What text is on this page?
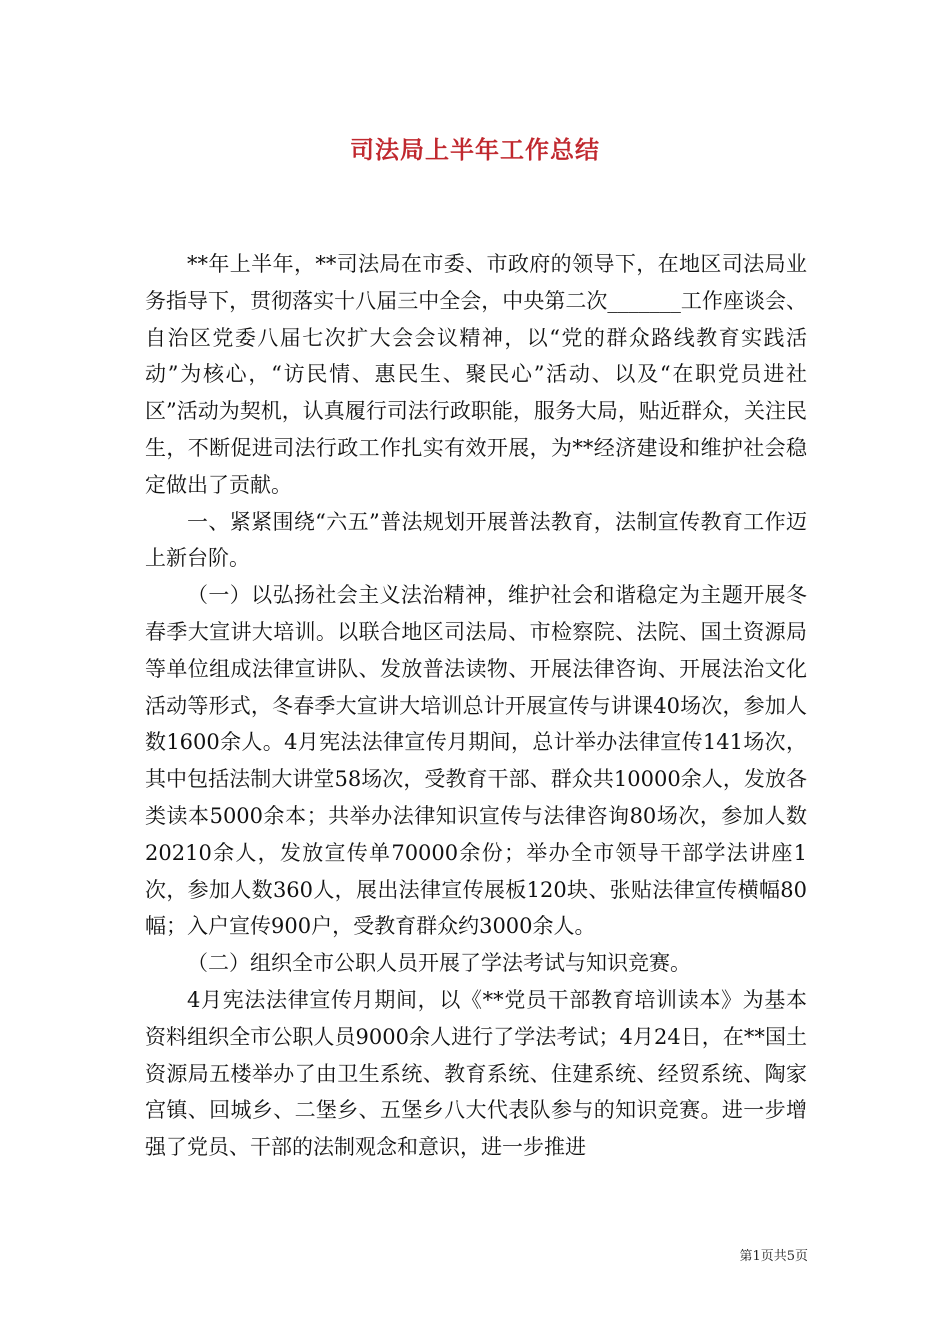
司法局上半年工作总结

**年上半年，**司法局在市委、市政府的领导下，在地区司法局业务指导下，贯彻落实十八届三中全会，中央第二次_______工作座谈会、自治区党委八届七次扩大会会议精神，以“党的群众路线教育实践活动”为核心，“访民情、惠民生、聚民心”活动、以及“在职党员进社区”活动为契机，认真履行司法行政职能，服务大局，贴近群众，关注民生，不断促进司法行政工作扎实有效开展，为**经济建设和维护社会稳定做出了贡献。

一、紧紧围绕“六五”普法规划开展普法教育，法制宣传教育工作迈上新台阶。

（一）以弘扬社会主义法治精神，维护社会和谐稳定为主题开展冬春季大宣讲大培训。以联合地区司法局、市检察院、法院、国土资源局等单位组成法律宣讲队、发放普法读物、开展法律咨询、开展法治文化活动等形式，冬春季大宣讲大培训总计开展宣传与讲课40场次，参加人数1600余人。4月宪法法律宣传月期间，总计举办法律宣传141场次，其中包括法制大讲堂58场次，受教育干部、群众共10000余人，发放各类读本5000余本；共举办法律知识宣传与法律咨询80场次，参加人数20210余人，发放宣传单70000余份；举办全市领导干部学法讲座1次，参加人数360人，展出法律宣传展板120块、张贴法律宣传横幅80幅；入户宣传900户，受教育群众约3000余人。

（二）组织全市公职人员开展了学法考试与知识竞赛。

4月宪法法律宣传月期间，以《**党员干部教育培训读本》为基本资料组织全市公职人员9000余人进行了学法考试；4月24日，在**国土资源局五楼举办了由卫生系统、教育系统、住建系统、经贸系统、陶家宫镇、回城乡、二堡乡、五堡乡八大代表队参与的知识竞赛。进一步增强了党员、干部的法制观念和意识，进一步推进

第1页共5页
